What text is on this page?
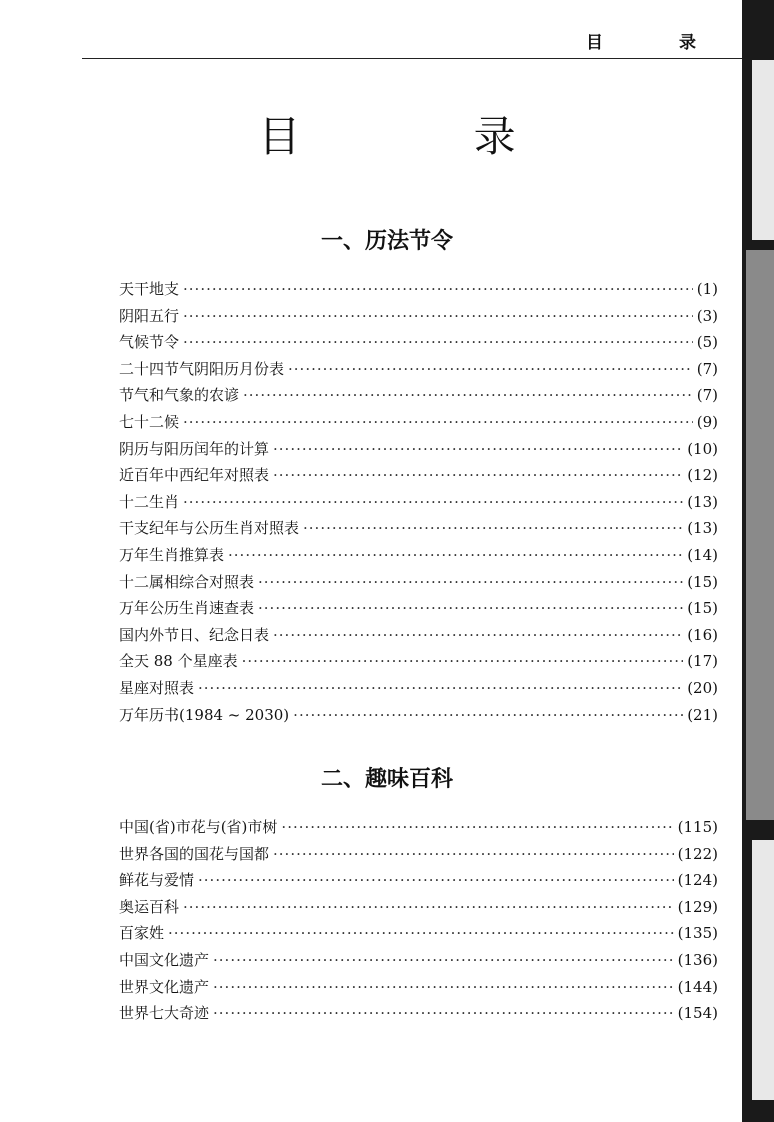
目	录
目 录
一、历法节令
天干地支 ·····	(1)
阴阳五行 ·····	(3)
气候节令 ·····	(5)
二十四节气阴阳历月份表 ·····	(7)
节气和气象的农谚 ·····	(7)
七十二候 ·····	(9)
阴历与阳历闰年的计算 ·····	(10)
近百年中西纪年对照表 ·····	(12)
十二生肖 ·····	(13)
干支纪年与公历生肖对照表 ·····	(13)
万年生肖推算表 ·····	(14)
十二属相综合对照表 ·····	(15)
万年公历生肖速查表 ·····	(15)
国内外节日、纪念日表 ·····	(16)
全天 88 个星座表 ·····	(17)
星座对照表 ·····	(20)
万年历书(1984 ~ 2030) ·····	(21)
二、趣味百科
中国(省)市花与(省)市树 ·····	(115)
世界各国的国花与国都 ·····	(122)
鲜花与爱情 ·····	(124)
奥运百科 ·····	(129)
百家姓 ·····	(135)
中国文化遗产 ·····	(136)
世界文化遗产 ·····	(144)
世界七大奇迹 ·····	(154)
